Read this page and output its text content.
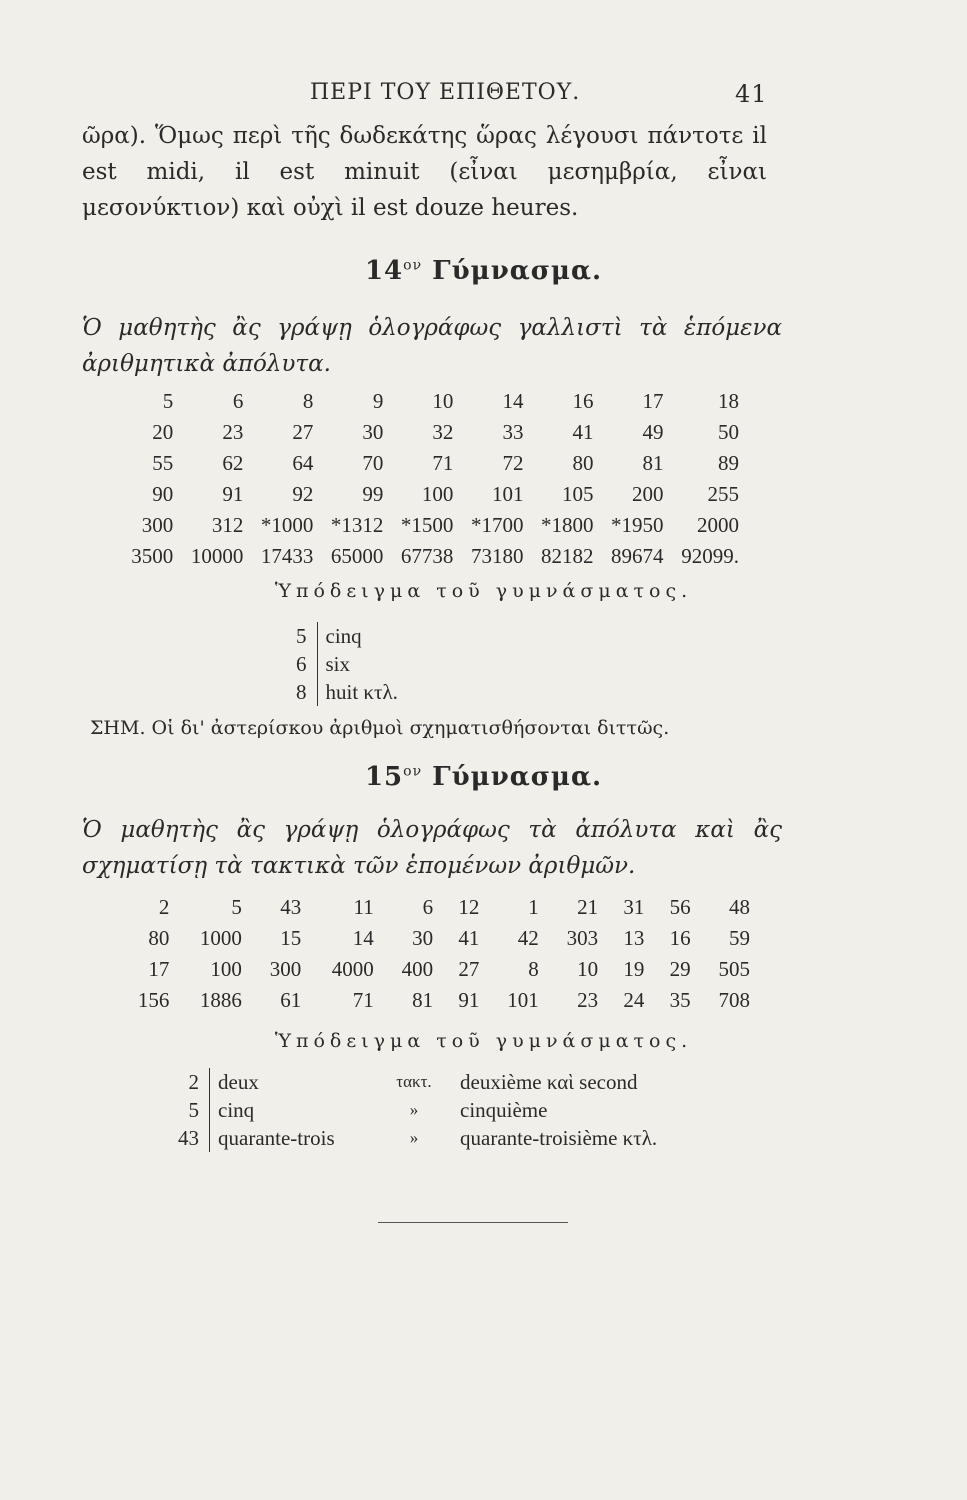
ΠΕΡΙ ΤΟΥ ΕΠΙΘΕΤΟΥ.	41

ῶρα). Ὅμως περὶ τῆς δωδεκάτης ὥρας λέγουσι πάντοτε il est midi, il est minuit (εἶναι μεσημβρία, εἶναι μεσονύκτιον) καὶ οὐχὶ il est douze heures.

$14^{o\nu}$ Γύμνασμα.

Ὁ μαθητὴς ἂς γράψῃ ὁλογράφως γαλλιστὶ τὰ ἑπόμενα ἀριθμητικὰ ἀπόλυτα.

5	6	8	9	10	14	16	17	18
20	23	27	30	32	33	41	49	50
55	62	64	70	71	72	80	81	89
90	91	92	99	100	101	105	200	255
300	312	*1000	*1312	*1500	*1700	*1800	*1950	2000
3500	10000	17433	65000	67738	73180	82182	89674	92099.
Ὑπόδειγμα τοῦ γυμνάσματος.
5	cinq
6	six
8	huit κτλ.
ΣΗΜ. Οἱ δι' ἀστερίσκου ἀριθμοὶ σχηματισθήσονται διττῶς.
$15^{o\nu}$ Γύμνασμα.

Ὁ μαθητὴς ἂς γράψῃ ὁλογράφως τὰ ἀπόλυτα καὶ ἂς σχηματίσῃ τὰ τακτικὰ τῶν ἑπομένων ἀριθμῶν.

2	5	43	11	6	12	1	21	31	56	48
80	1000	15	14	30	41	42	303	13	16	59
17	100	300	4000	400	27	8	10	19	29	505
156	1886	61	71	81	91	101	23	24	35	708
Ὑπόδειγμα τοῦ γυμνάσματος.
2	deux	τακτ.	deuxième καὶ second
5	cinq	»	cinquième
43	quarante-trois	»	quarante-troisième κτλ.
